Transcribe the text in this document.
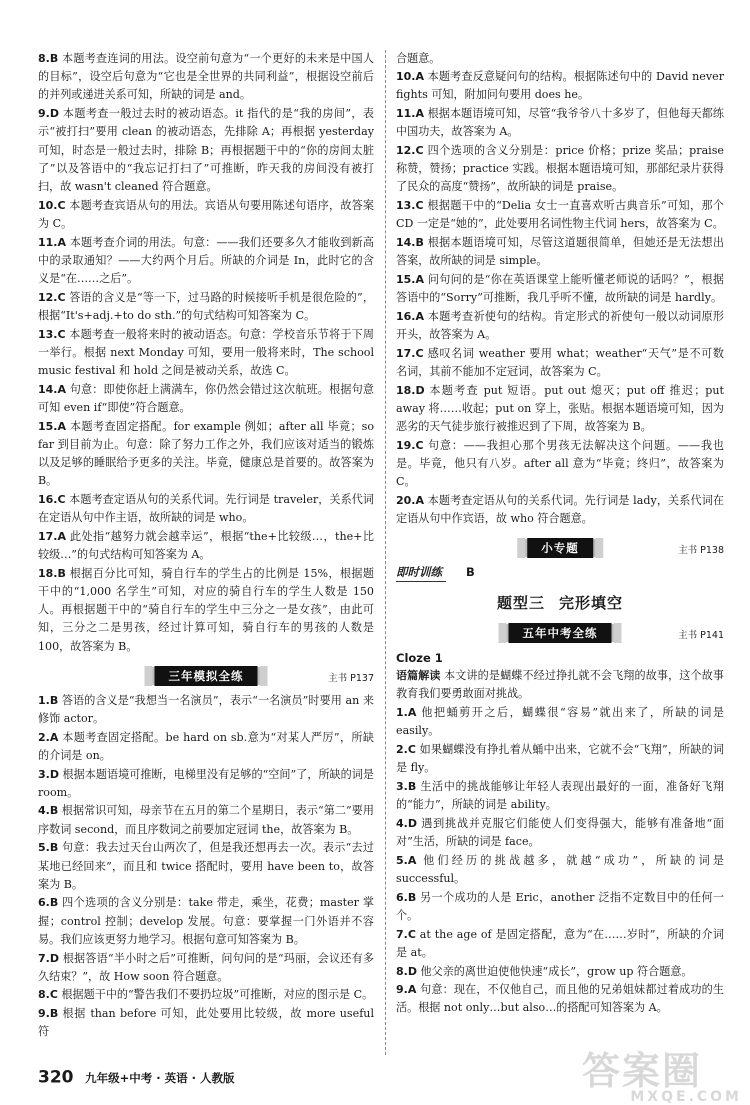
8.B 本题考查连词的用法。设空前句意为“一个更好的未来是中国人的目标”，设空后句意为“它也是全世界的共同利益”，根据设空前后的并列或递进关系可知，所缺的词是 and。

9.D 本题考查一般过去时的被动语态。it 指代的是“我的房间”，表示“被打扫”要用 clean 的被动语态，先排除 A；再根据 yesterday 可知，时态是一般过去时，排除 B；再根据题干中的“你的房间太脏了”以及答语中的“我忘记打扫了”可推断，昨天我的房间没有被打扫，故 wasn't cleaned 符合题意。

10.C 本题考查宾语从句的用法。宾语从句要用陈述句语序，故答案为 C。

11.A 本题考查介词的用法。句意：——我们还要多久才能收到新高中的录取通知？——大约两个月后。所缺的介词是 In，此时它的含义是“在……之后”。

12.C 答语的含义是“等一下，过马路的时候接听手机是很危险的”，根据“It's+adj.+to do sth.”的句式结构可知答案为 C。

13.C 本题考查一般将来时的被动语态。句意：学校音乐节将于下周一举行。根据 next Monday 可知，要用一般将来时，The school music festival 和 hold 之间是被动关系，故选 C。

14.A 句意：即使你赶上满满车，你仍然会错过这次航班。根据句意可知 even if“即使”符合题意。

15.A 本题考查固定搭配。for example 例如；after all 毕竟；so far 到目前为止。句意：除了努力工作之外，我们应该对适当的锻炼以及足够的睡眠给予更多的关注。毕竟，健康总是首要的。故答案为 B。

16.C 本题考查定语从句的关系代词。先行词是 traveler，关系代词在定语从句中作主语，故所缺的词是 who。

17.A 此处指“越努力就会越幸运”，根据“the+比较级…，the+比较级…”的句式结构可知答案为 A。

18.B 根据百分比可知，骑自行车的学生占的比例是 15%，根据题干中的“1,000 名学生”可知，对应的骑自行车的学生人数是 150 人。再根据题干中的“骑自行车的学生中三分之一是女孩”，由此可知，三分之二是男孩，经过计算可知，骑自行车的男孩的人数是 100，故答案为 B。

三年模拟全练	主书 P137

1.B 答语的含义是“我想当一名演员”，表示“一名演员”时要用 an 来修饰 actor。

2.A 本题考查固定搭配。be hard on sb.意为“对某人严厉”，所缺的介词是 on。

3.D 根据本题语境可推断，电梯里没有足够的“空间”了，所缺的词是 room。

4.B 根据常识可知，母亲节在五月的第二个星期日，表示“第二”要用序数词 second，而且序数词之前要加定冠词 the，故答案为 B。

5.B 句意：我去过天台山两次了，但是我还想再去一次。表示“去过某地已经回来”，而且和 twice 搭配时，要用 have been to，故答案为 B。

6.B 四个选项的含义分别是：take 带走，乘坐，花费；master 掌握；control 控制；develop 发展。句意：要掌握一门外语并不容易。我们应该更努力地学习。根据句意可知答案为 B。

7.D 根据答语“半小时之后”可推断，问句问的是“玛丽，会议还有多久结束？”，故 How soon 符合题意。

8.C 根据题干中的“警告我们不要扔垃圾”可推断，对应的图示是 C。

9.B 根据 than before 可知，此处要用比较级，故 more useful 符

合题意。

10.A 本题考查反意疑问句的结构。根据陈述句中的 David never fights 可知，附加问句要用 does he。

11.A 根据本题语境可知，尽管“我爷爷八十多岁了，但他每天都练中国功夫，故答案为 A。

12.C 四个选项的含义分别是：price 价格；prize 奖品；praise 称赞，赞扬；practice 实践。根据本题语境可知，那部纪录片获得了民众的高度“赞扬”，故所缺的词是 praise。

13.C 根据题干中的“Delia 女士一直喜欢听古典音乐”可知，那个 CD 一定是“她的”，此处要用名词性物主代词 hers，故答案为 C。

14.B 根据本题语境可知，尽管这道题很简单，但她还是无法想出答案，故所缺的词是 simple。

15.A 问句问的是“你在英语课堂上能听懂老师说的话吗？”，根据答语中的“Sorry”可推断，我几乎听不懂，故所缺的词是 hardly。

16.A 本题考查祈使句的结构。肯定形式的祈使句一般以动词原形开头，故答案为 A。

17.C 感叹名词 weather 要用 what；weather“天气”是不可数名词，其前不能加不定冠词，故答案为 C。

18.D 本题考查 put 短语。put out 熄灭；put off 推迟；put away 将……收起；put on 穿上，张贴。根据本题语境可知，因为恶劣的天气徒步旅行被推迟到了下周，故答案为 B。

19.C 句意：——我担心那个男孩无法解决这个问题。——我也是。毕竟，他只有八岁。after all 意为“毕竟；终归”，故答案为 C。

20.A 本题考查定语从句的关系代词。先行词是 lady，关系代词在定语从句中作宾语，故 who 符合题意。

小专题	主书 P138
即时训练 B
题型三 完形填空
五年中考全练	主书 P141
Cloze 1

语篇解读 本文讲的是蝴蝶不经过挣扎就不会飞翔的故事，这个故事教育我们要勇敢面对挑战。

1.A 他把蛹剪开之后，蝴蝶很“容易”就出来了，所缺的词是 easily。

2.C 如果蝴蝶没有挣扎着从蛹中出来，它就不会“飞翔”，所缺的词是 fly。

3.B 生活中的挑战能够让年轻人表现出最好的一面，准备好飞翔的“能力”，所缺的词是 ability。

4.D 遇到挑战并克服它们能使人们变得强大，能够有准备地“面对”生活，所缺的词是 face。

5.A 他们经历的挑战越多，就越“成功”，所缺的词是 successful。

6.B 另一个成功的人是 Eric，another 泛指不定数目中的任何一个。

7.C at the age of 是固定搭配，意为“在……岁时”，所缺的介词是 at。

8.D 他父亲的离世迫使他快速“成长”，grow up 符合题意。

9.A 句意：现在，不仅他自己，而且他的兄弟姐妹都过着成功的生活。根据 not only…but also…的搭配可知答案为 A。

320 九年级+中考 · 英语 · 人教版	答案圈
MXQE.COM
